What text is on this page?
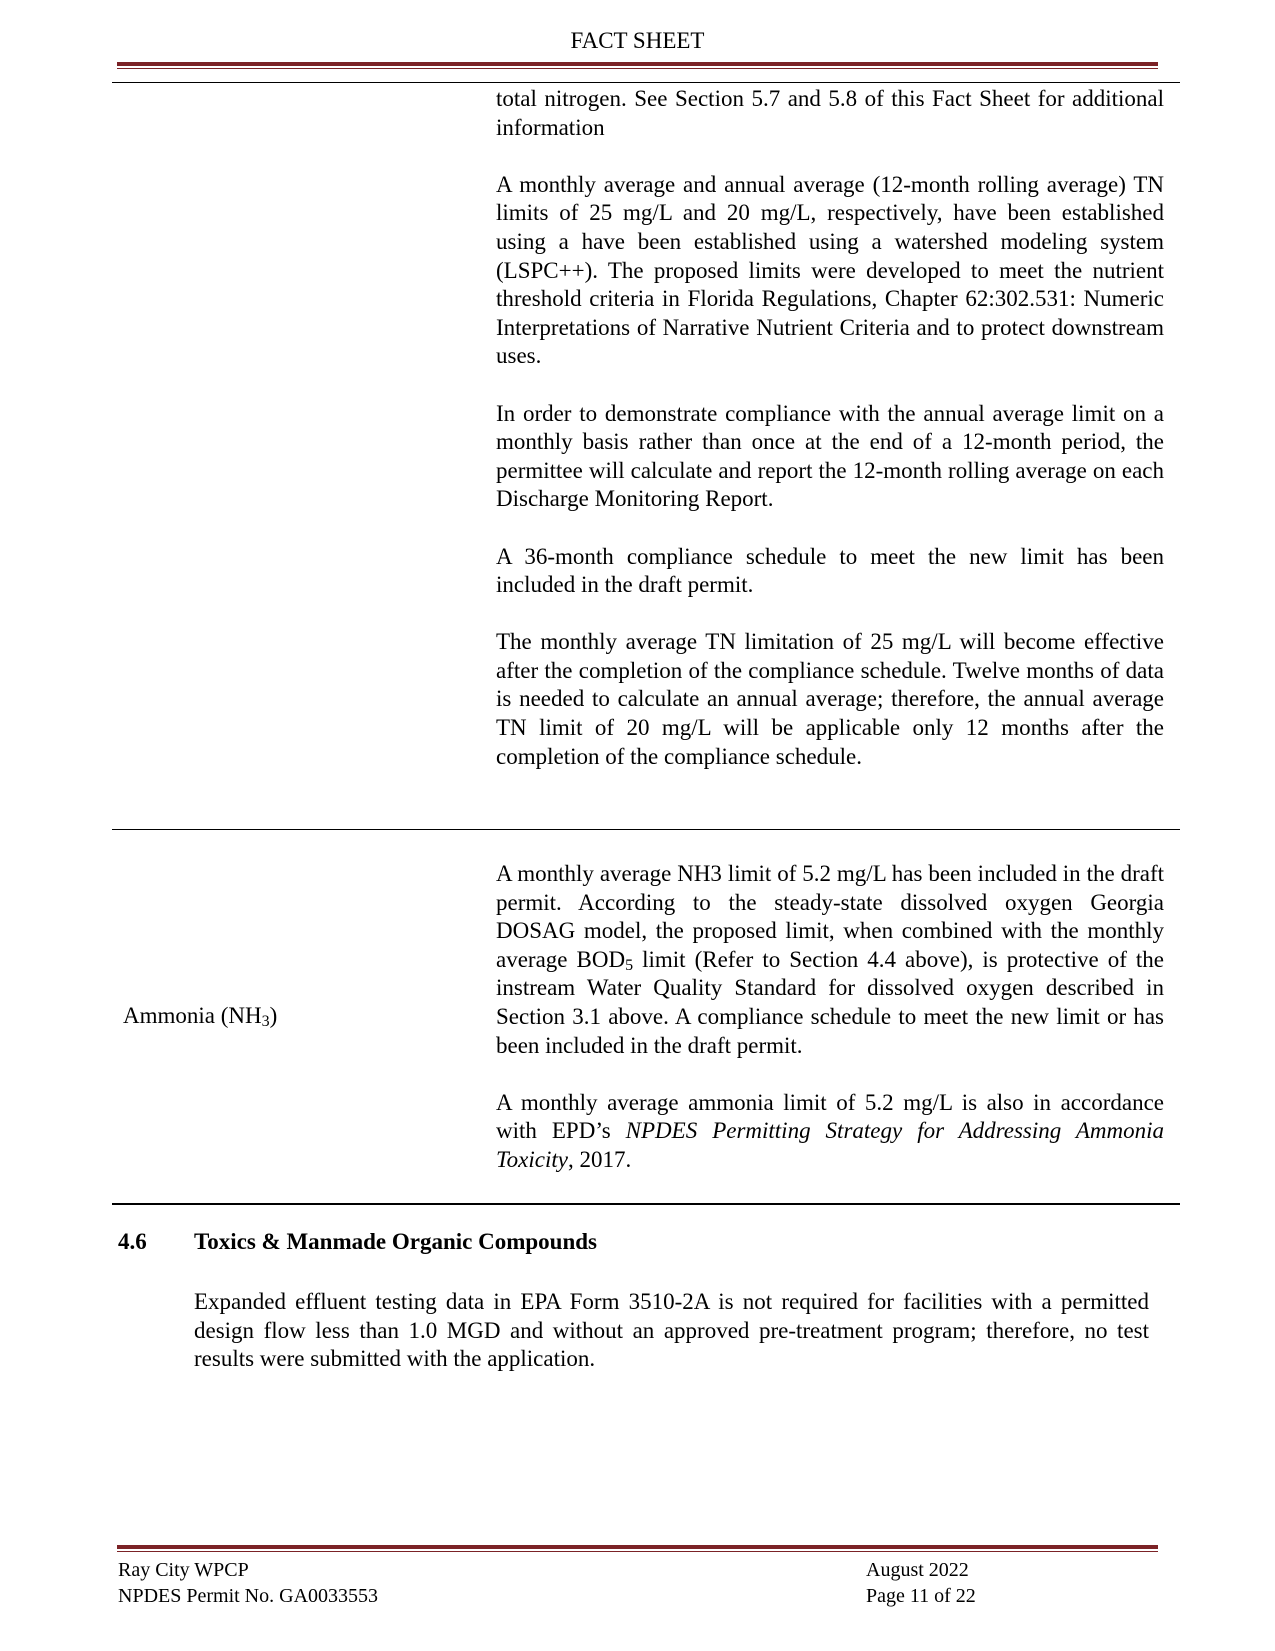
FACT SHEET

total nitrogen. See Section 5.7 and 5.8 of this Fact Sheet for additional information

A monthly average and annual average (12-month rolling average) TN limits of 25 mg/L and 20 mg/L, respectively, have been established using a have been established using a watershed modeling system (LSPC++). The proposed limits were developed to meet the nutrient threshold criteria in Florida Regulations, Chapter 62:302.531: Numeric Interpretations of Narrative Nutrient Criteria and to protect downstream uses.

In order to demonstrate compliance with the annual average limit on a monthly basis rather than once at the end of a 12-month period, the permittee will calculate and report the 12-month rolling average on each Discharge Monitoring Report.

A 36-month compliance schedule to meet the new limit has been included in the draft permit.

The monthly average TN limitation of 25 mg/L will become effective after the completion of the compliance schedule. Twelve months of data is needed to calculate an annual average; therefore, the annual average TN limit of 20 mg/L will be applicable only 12 months after the completion of the compliance schedule.

Ammonia $(NH_3)$

A monthly average NH3 limit of 5.2 mg/L has been included in the draft permit. According to the steady-state dissolved oxygen Georgia DOSAG model, the proposed limit, when combined with the monthly average $BOD_5$ limit (Refer to Section 4.4 above), is protective of the instream Water Quality Standard for dissolved oxygen described in Section 3.1 above. A compliance schedule to meet the new limit or has been included in the draft permit.

A monthly average ammonia limit of 5.2 mg/L is also in accordance with EPD’s NPDES Permitting Strategy for Addressing Ammonia Toxicity, 2017.

4.6 Toxics & Manmade Organic Compounds
Expanded effluent testing data in EPA Form 3510-2A is not required for facilities with a permitted design flow less than 1.0 MGD and without an approved pre-treatment program; therefore, no test results were submitted with the application.
Ray City WPCP
NPDES Permit No. GA0033553
August 2022
Page 11 of 22
